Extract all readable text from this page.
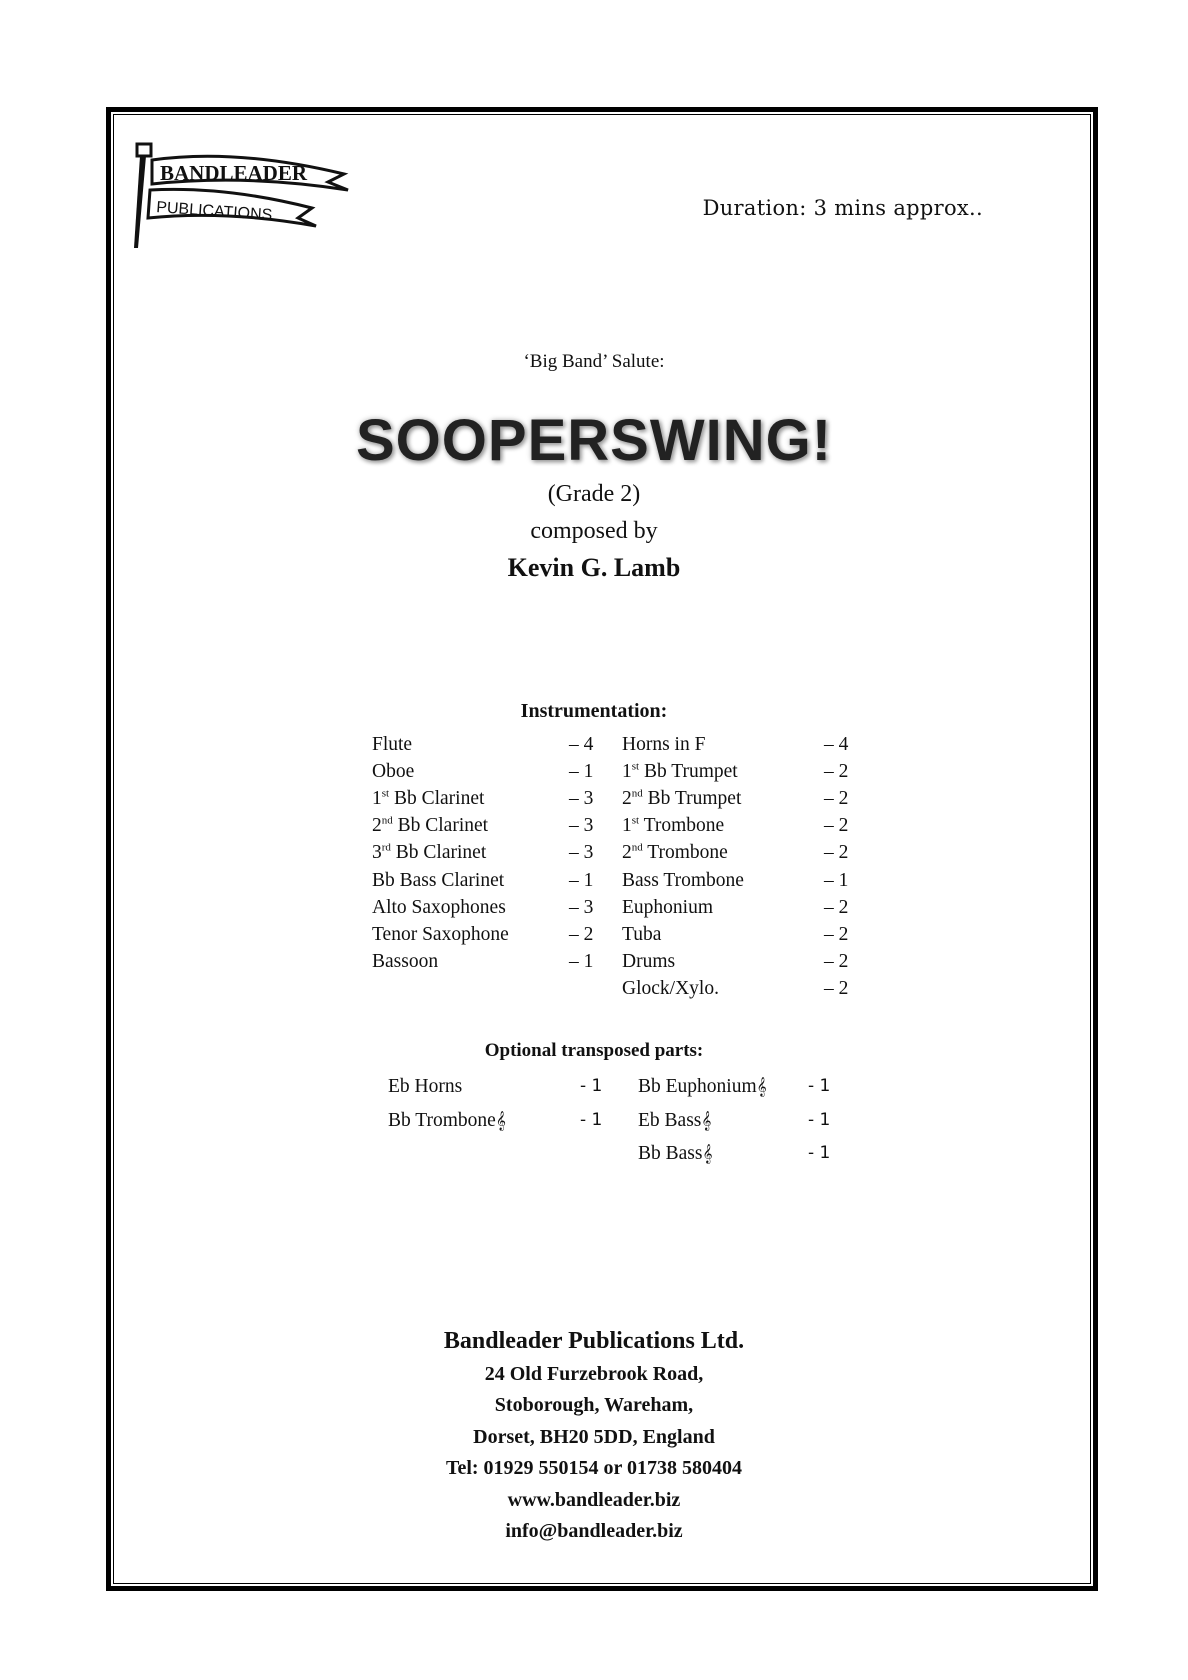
BANDLEADER
PUBLICATIONS	Duration: 3 mins approx..
‘Big Band’ Salute:
SOOPERSWING!
(Grade 2)
composed by
Kevin G. Lamb
Instrumentation:
Flute	– 4
Oboe	– 1
1st Bb Clarinet	– 3
2nd Bb Clarinet	– 3
3rd Bb Clarinet	– 3
Bb Bass Clarinet	– 1
Alto Saxophones	– 3
Tenor Saxophone	– 2
Bassoon	– 1
Horns in F	– 4
1st Bb Trumpet	– 2
2nd Bb Trumpet	– 2
1st Trombone	– 2
2nd Trombone	– 2
Bass Trombone	– 1
Euphonium	– 2
Tuba	– 2
Drums	– 2
Glock/Xylo.	– 2
Optional transposed parts:
Eb Horns	- 1
Bb Trombone𝄞	- 1
Bb Euphonium𝄞 - 1
Eb Bass𝄞	- 1
Bb Bass𝄞	- 1
Bandleader Publications Ltd.
24 Old Furzebrook Road,
Stoborough, Wareham,
Dorset, BH20 5DD, England
Tel: 01929 550154 or 01738 580404
www.bandleader.biz
info@bandleader.biz
